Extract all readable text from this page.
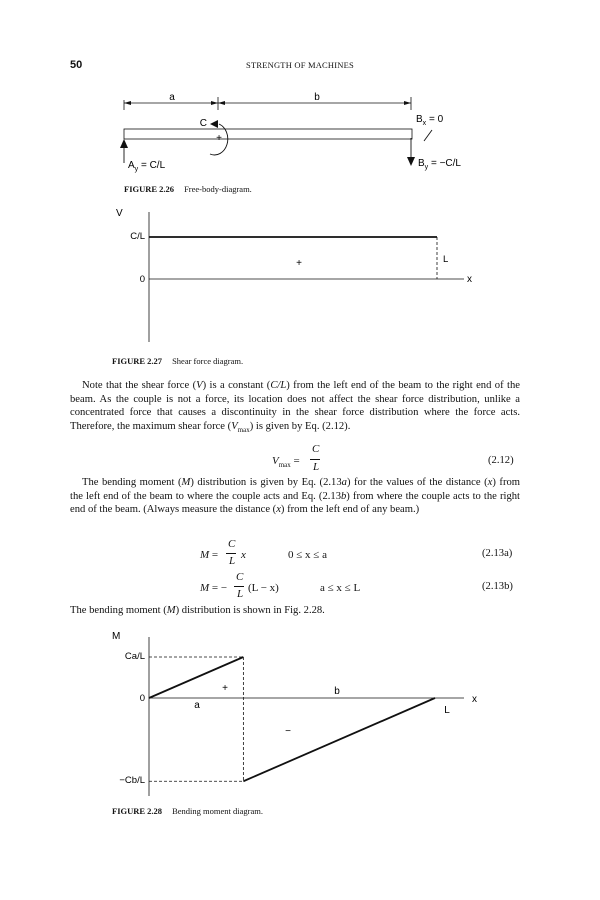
50	STRENGTH OF MACHINES
a	b
C
+
$A_y = C/L$
$B_x = 0$
$B_y = -C/L$
FIGURE 2.26 Free-body-diagram.
V
x
C/L
0
L
+
FIGURE 2.27 Shear force diagram.

Note that the shear force (V) is a constant (C/L) from the left end of the beam to the right end of the beam. As the couple is not a force, its location does not affect the shear force distribution, unlike a concentrated force that causes a discontinuity in the shear force distribution where the force acts. Therefore, the maximum shear force $(V_{max})$ is given by Eq. (2.12).

$V_{max}$ =
C
L
(2.12)

The bending moment (M) distribution is given by Eq. (2.13a) for the values of the distance (x) from the left end of the beam to where the couple acts and Eq. (2.13b) from where the couple acts to the right end of the beam. (Always measure the distance (x) from the left end of any beam.)

M =
C
L x	0 ≤ x ≤ a	(2.13a)
M = −
C
L (L − x)	a ≤ x ≤ L	(2.13b)

The bending moment (M) distribution is shown in Fig. 2.28.

M
x
Ca/L
0
−Cb/L
a
b
L
+
−
FIGURE 2.28 Bending moment diagram.
